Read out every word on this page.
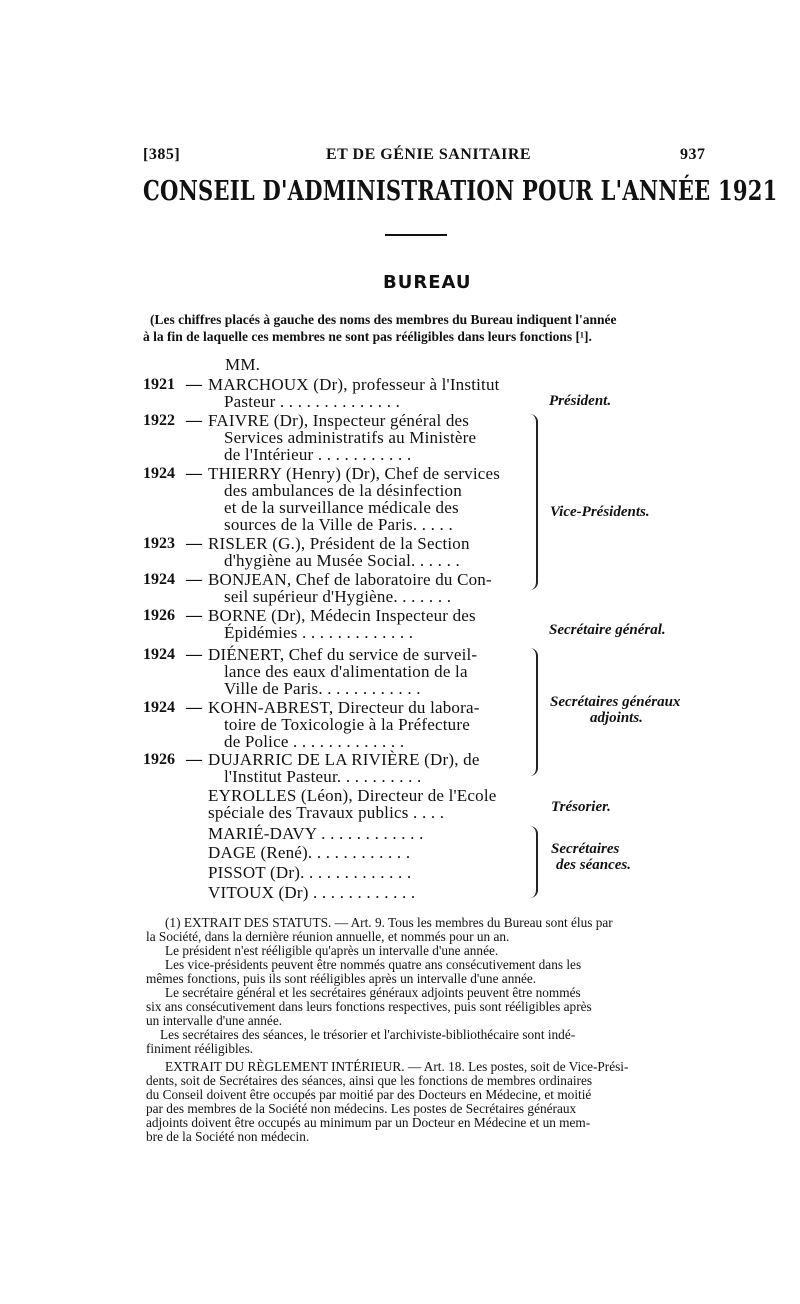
[385]	ET DE GÉNIE SANITAIRE	937
CONSEIL D'ADMINISTRATION POUR L'ANNÉE 1921
BUREAU
(Les chiffres placés à gauche des noms des membres du Bureau indiquent l'année
à la fin de laquelle ces membres ne sont pas rééligibles dans leurs fonctions [¹].
MM.
1921 — MARCHOUX (Dr), professeur à l'Institut
Pasteur . . . . . . . . . . . . . .
1922 — FAIVRE (Dr), Inspecteur général des
Services administratifs au Ministère
de l'Intérieur . . . . . . . . . . .
1924 — THIERRY (Henry) (Dr), Chef de services
des ambulances de la désinfection
et de la surveillance médicale des
sources de la Ville de Paris. . . . .
1923 — RISLER (G.), Président de la Section
d'hygiène au Musée Social. . . . . .
1924 — BONJEAN, Chef de laboratoire du Con-
seil supérieur d'Hygiène. . . . . . .
1926 — BORNE (Dr), Médecin Inspecteur des
Épidémies . . . . . . . . . . . . .
1924 — DIÉNERT, Chef du service de surveil-
lance des eaux d'alimentation de la
Ville de Paris. . . . . . . . . . . .
1924 — KOHN-ABREST, Directeur du labora-
toire de Toxicologie à la Préfecture
de Police . . . . . . . . . . . . .
1926 — DUJARRIC DE LA RIVIÈRE (Dr), de
l'Institut Pasteur. . . . . . . . . .
EYROLLES (Léon), Directeur de l'Ecole
spéciale des Travaux publics . . . .
MARIÉ-DAVY . . . . . . . . . . . .
DAGE (René). . . . . . . . . . . .
PISSOT (Dr). . . . . . . . . . . . .
VITOUX (Dr) . . . . . . . . . . . .
Président.
Vice-Présidents.
Secrétaire général.
Secrétaires généraux
adjoints.
Trésorier.
Secrétaires
des séances.
(1) EXTRAIT DES STATUTS. — Art. 9. Tous les membres du Bureau sont élus par
la Société, dans la dernière réunion annuelle, et nommés pour un an.
Le président n'est rééligible qu'après un intervalle d'une année.
Les vice-présidents peuvent être nommés quatre ans consécutivement dans les
mêmes fonctions, puis ils sont rééligibles après un intervalle d'une année.
Le secrétaire général et les secrétaires généraux adjoints peuvent être nommés
six ans consécutivement dans leurs fonctions respectives, puis sont rééligibles après
un intervalle d'une année.
Les secrétaires des séances, le trésorier et l'archiviste-bibliothécaire sont indé-
finiment rééligibles.
EXTRAIT DU RÈGLEMENT INTÉRIEUR. — Art. 18. Les postes, soit de Vice-Prési-
dents, soit de Secrétaires des séances, ainsi que les fonctions de membres ordinaires
du Conseil doivent être occupés par moitié par des Docteurs en Médecine, et moitié
par des membres de la Société non médecins. Les postes de Secrétaires généraux
adjoints doivent être occupés au minimum par un Docteur en Médecine et un mem-
bre de la Société non médecin.
